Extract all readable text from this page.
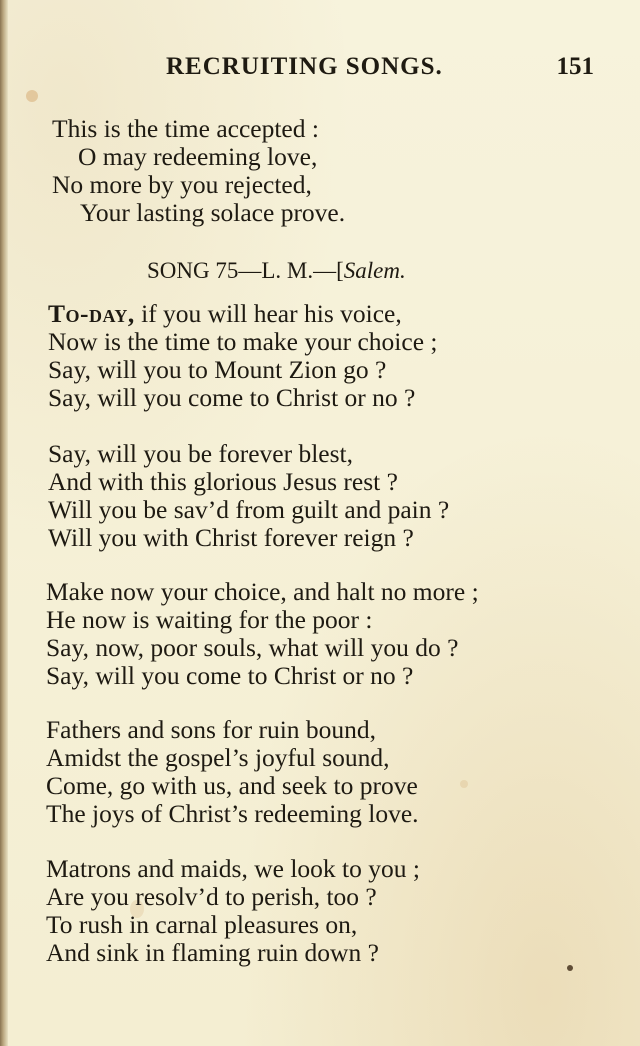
RECRUITING SONGS.	151
This is the time accepted :
O may redeeming love,
No more by you rejected,
Your lasting solace prove.
SONG 75—L. M.—[Salem.
To-day, if you will hear his voice,
Now is the time to make your choice ;
Say, will you to Mount Zion go ?
Say, will you come to Christ or no ?
Say, will you be forever blest,
And with this glorious Jesus rest ?
Will you be sav’d from guilt and pain ?
Will you with Christ forever reign ?
Make now your choice, and halt no more ;
He now is waiting for the poor :
Say, now, poor souls, what will you do ?
Say, will you come to Christ or no ?
Fathers and sons for ruin bound,
Amidst the gospel’s joyful sound,
Come, go with us, and seek to prove
The joys of Christ’s redeeming love.
Matrons and maids, we look to you ;
Are you resolv’d to perish, too ?
To rush in carnal pleasures on,
And sink in flaming ruin down ?
